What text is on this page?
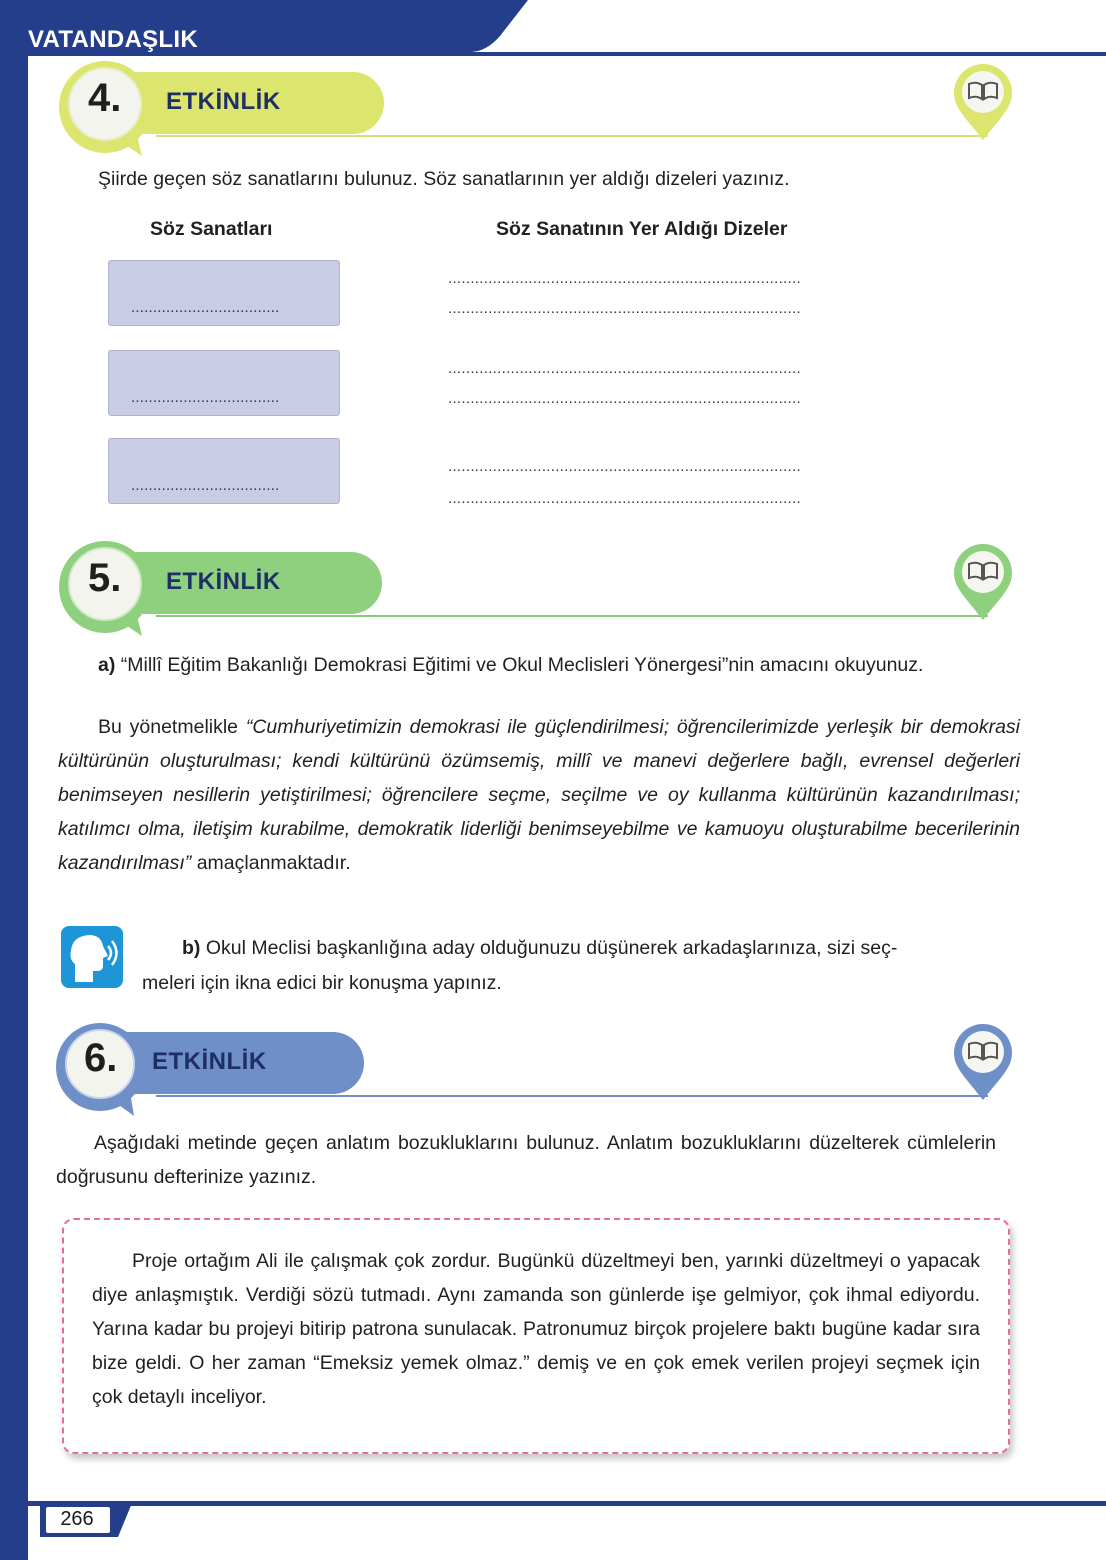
VATANDAŞLIK
ETKİNLİK
4.
Şiirde geçen söz sanatlarını bulunuz. Söz sanatlarının yer aldığı dizeleri yazınız.
Söz Sanatları	Söz Sanatının Yer Aldığı Dizeler
..................................
..................................
..................................
...............................................................................
...............................................................................
...............................................................................
...............................................................................
...............................................................................
...............................................................................
ETKİNLİK
5.
a) “Millî Eğitim Bakanlığı Demokrasi Eğitimi ve Okul Meclisleri Yönergesi”nin amacını okuyunuz.
Bu yönetmelikle “Cumhuriyetimizin demokrasi ile güçlendirilmesi; öğrencilerimizde yerleşik bir demokrasi kültürünün oluşturulması; kendi kültürünü özümsemiş, millî ve manevi değerlere bağlı, evrensel değerleri benimseyen nesillerin yetiştirilmesi; öğrencilere seçme, seçilme ve oy kullanma kültürünün kazandırılması; katılımcı olma, iletişim kurabilme, demokratik liderliği benimseyebilme ve kamuoyu oluşturabilme becerilerinin kazandırılması” amaçlanmaktadır.
b) Okul Meclisi başkanlığına aday olduğunuzu düşünerek arkadaşlarınıza, sizi seç-
meleri için ikna edici bir konuşma yapınız.
ETKİNLİK
6.
Aşağıdaki metinde geçen anlatım bozukluklarını bulunuz. Anlatım bozukluklarını düzelterek cümlelerin doğrusunu defterinize yazınız.
Proje ortağım Ali ile çalışmak çok zordur. Bugünkü düzeltmeyi ben, yarınki düzeltmeyi o yapacak diye anlaşmıştık. Verdiği sözü tutmadı. Aynı zamanda son günlerde işe gelmiyor, çok ihmal ediyordu. Yarına kadar bu projeyi bitirip patrona sunulacak. Patronumuz birçok projelere baktı bugüne kadar sıra bize geldi. O her zaman “Emeksiz yemek olmaz.” demiş ve en çok emek verilen projeyi seçmek için çok detaylı inceliyor.
266
